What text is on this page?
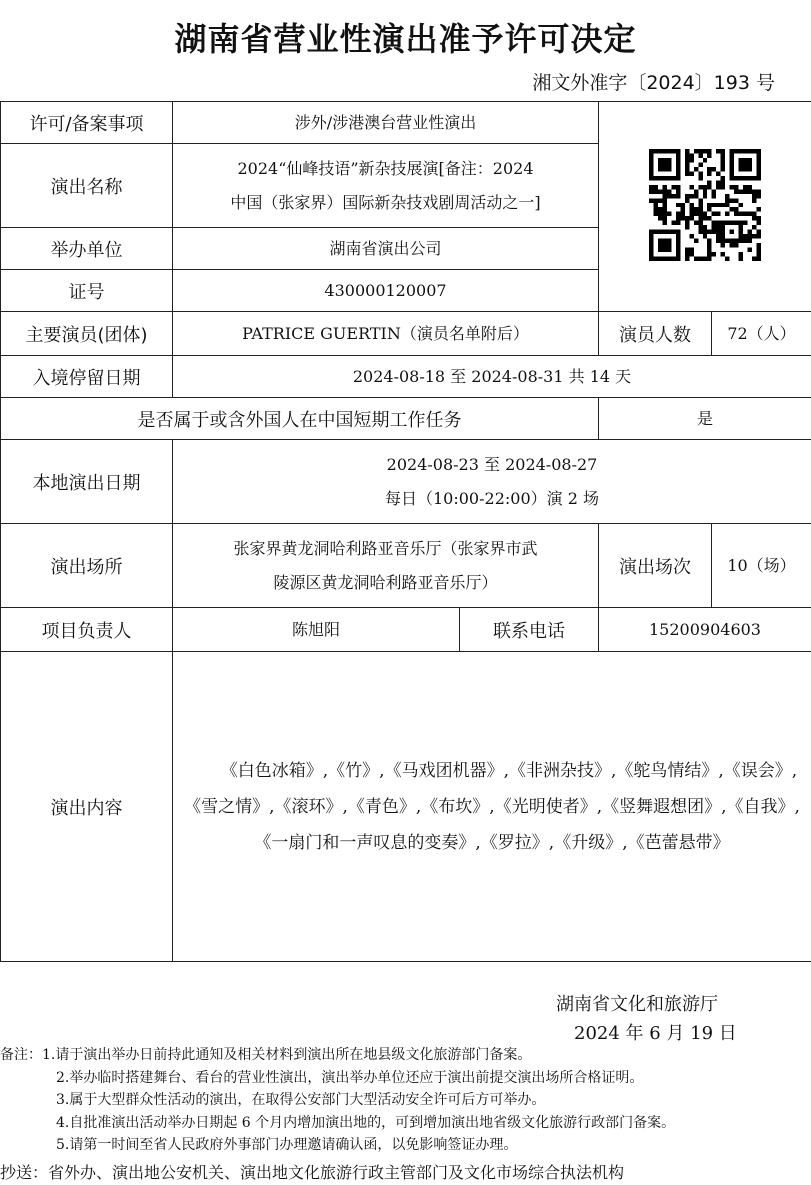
湖南省营业性演出准予许可决定
湘文外准字〔2024〕193 号
许可/备案事项	涉外/涉港澳台营业性演出	
演出名称	2024“仙峰技语”新杂技展演[备注：2024
中国（张家界）国际新杂技戏剧周活动之一]			

举办单位	湖南省演出公司			
证号	430000120007			
主要演员(团体)	PATRICE GUERTIN（演员名单附后）		演员人数	72（人）
入境停留日期	2024-08-18 至 2024-08-31 共 14 天			
是否属于或含外国人在中国短期工作任务			是	
本地演出日期	2024-08-23 至 2024-08-27
每日（10:00-22:00）演 2 场			

演出场所	张家界黄龙洞哈利路亚音乐厅（张家界市武
陵源区黄龙洞哈利路亚音乐厅）		演出场次	10（场）
项目负责人	陈旭阳	联系电话	15200904603	
演出内容	《白色冰箱》,《竹》,《马戏团机器》,《非洲杂技》,《鸵鸟情结》,《误会》,《雪之情》,《滚环》,《青色》,《布坎》,《光明使者》,《竖舞遐想团》,《自我》,《一扇门和一声叹息的变奏》,《罗拉》,《升级》,《芭蕾悬带》			
湖南省文化和旅游厅
2024 年 6 月 19 日
备注：1.请于演出举办日前持此通知及相关材料到演出所在地县级文化旅游部门备案。
2.举办临时搭建舞台、看台的营业性演出，演出举办单位还应于演出前提交演出场所合格证明。
3.属于大型群众性活动的演出，在取得公安部门大型活动安全许可后方可举办。
4.自批准演出活动举办日期起 6 个月内增加演出地的，可到增加演出地省级文化旅游行政部门备案。
5.请第一时间至省人民政府外事部门办理邀请确认函，以免影响签证办理。
抄送：省外办、演出地公安机关、演出地文化旅游行政主管部门及文化市场综合执法机构
